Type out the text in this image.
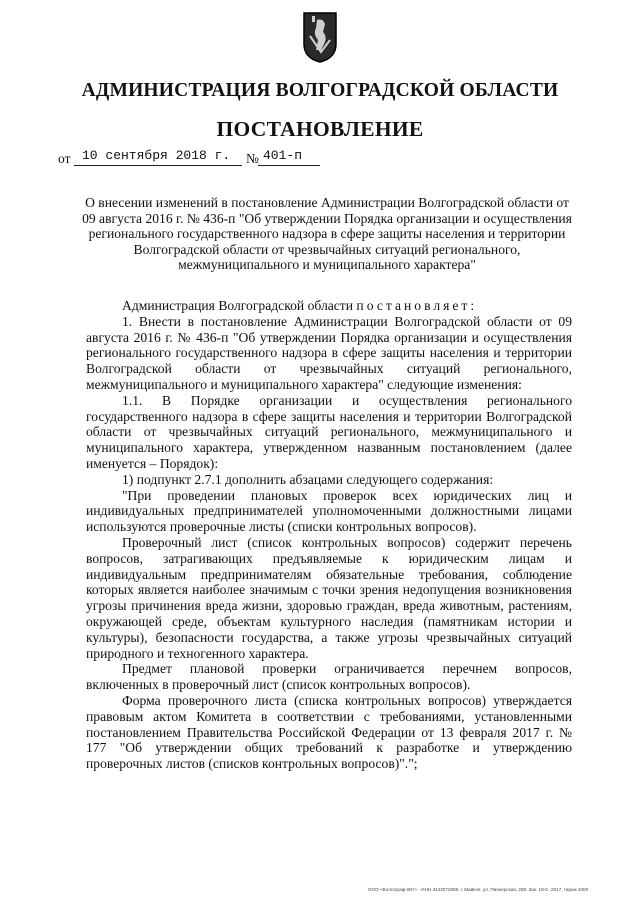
АДМИНИСТРАЦИЯ ВОЛГОГРАДСКОЙ ОБЛАСТИ
ПОСТАНОВЛЕНИЕ
от 10 сентября 2018 г. № 401-п
О внесении изменений в постановление Администрации Волгоградской области от 09 августа 2016 г. № 436-п "Об утверждении Порядка организации и осуществления регионального государственного надзора в сфере защиты населения и территории Волгоградской области от чрезвычайных ситуаций регионального, межмуниципального и муниципального характера"

Администрация Волгоградской области постановляет:

1. Внести в постановление Администрации Волгоградской области от 09 августа 2016 г. № 436-п "Об утверждении Порядка организации и осуществления регионального государственного надзора в сфере защиты населения и территории Волгоградской области от чрезвычайных ситуаций регионального, межмуниципального и муниципального характера" следующие изменения:

1.1. В Порядке организации и осуществления регионального государственного надзора в сфере защиты населения и территории Волгоградской области от чрезвычайных ситуаций регионального, межмуниципального и муниципального характера, утвержденном названным постановлением (далее именуется – Порядок):

1) подпункт 2.7.1 дополнить абзацами следующего содержания:

"При проведении плановых проверок всех юридических лиц и индивидуальных предпринимателей уполномоченными должностными лицами используются проверочные листы (списки контрольных вопросов).

Проверочный лист (список контрольных вопросов) содержит перечень вопросов, затрагивающих предъявляемые к юридическим лицам и индивидуальным предпринимателям обязательные требования, соблюдение которых является наиболее значимым с точки зрения недопущения возникновения угрозы причинения вреда жизни, здоровью граждан, вреда животным, растениям, окружающей среде, объектам культурного наследия (памятникам истории и культуры), безопасности государства, а также угрозы чрезвычайных ситуаций природного и техногенного характера.

Предмет плановой проверки ограничивается перечнем вопросов, включенных в проверочный лист (список контрольных вопросов).

Форма проверочного листа (списка контрольных вопросов) утверждается правовым актом Комитета в соответствии с требованиями, установленными постановлением Правительства Российской Федерации от 13 февраля 2017 г. № 177 "Об утверждении общих требований к разработке и утверждению проверочных листов (списков контрольных вопросов)".";

ООО «Волгограф-807» · ИНН 3443072808, г. Майкоп, ул. Пионерская, 288. Зак. 19-С. 2017, тираж 4000
